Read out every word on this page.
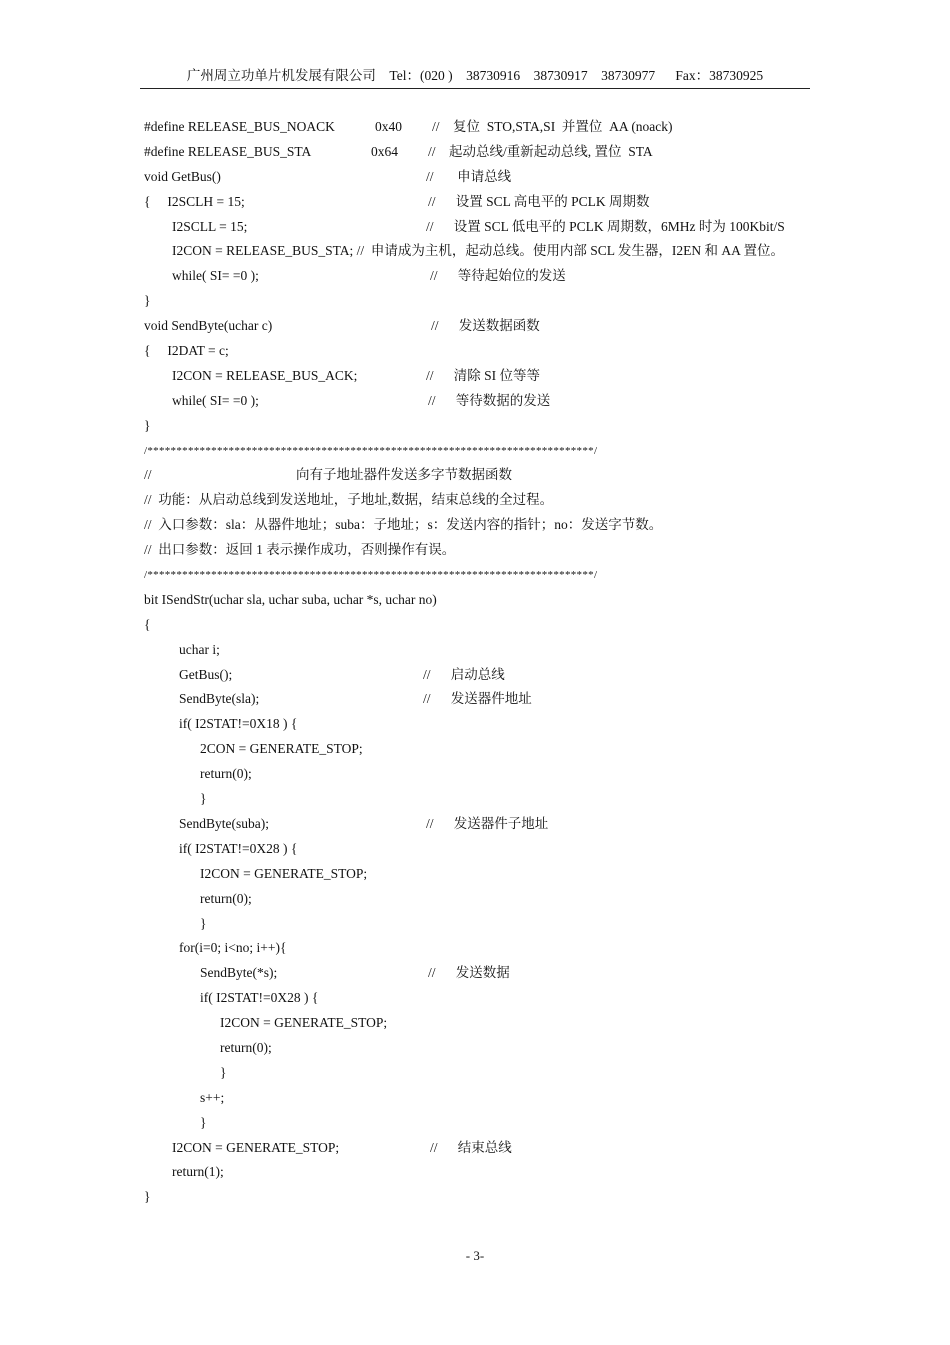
广州周立功单片机发展有限公司    Tel：(020 )    38730916    38730917    38730977      Fax：38730925
#define RELEASE_BUS_NOACK	0x40 //    复位  STO,STA,SI  并置位  AA (noack)
#define RELEASE_BUS_STA	0x64 //    起动总线/重新起动总线, 置位  STA
void GetBus()	//       申请总线
{     I2SCLH = 15;	//      设置 SCL 高电平的 PCLK 周期数
I2SCLL = 15;	//      设置 SCL 低电平的 PCLK 周期数，6MHz 时为 100Kbit/S
I2CON = RELEASE_BUS_STA; //  申请成为主机，起动总线。使用内部 SCL 发生器，I2EN 和 AA 置位。
while( SI= =0 );	//      等待起始位的发送
}
void SendByte(uchar c)	//      发送数据函数
{     I2DAT = c;
I2CON = RELEASE_BUS_ACK;	//      清除 SI 位等等
while( SI= =0 );	//      等待数据的发送
}
/*****************************************************************************/
//	向有子地址器件发送多字节数据函数
//  功能：从启动总线到发送地址，子地址,数据，结束总线的全过程。
//  入口参数：sla：从器件地址；suba：子地址；s：发送内容的指针；no：发送字节数。
//  出口参数：返回 1 表示操作成功，否则操作有误。
/*****************************************************************************/
bit ISendStr(uchar sla, uchar suba, uchar *s, uchar no)
{
uchar i;
GetBus();	//      启动总线
SendByte(sla);	//      发送器件地址
if( I2STAT!=0X18 ) {
2CON = GENERATE_STOP;
return(0);
}
SendByte(suba);	//      发送器件子地址
if( I2STAT!=0X28 ) {
I2CON = GENERATE_STOP;
return(0);
}
for(i=0; i<no; i++){
SendByte(*s);	//      发送数据
if( I2STAT!=0X28 ) {
I2CON = GENERATE_STOP;
return(0);
}
s++;
}
I2CON = GENERATE_STOP;	//      结束总线
return(1);
}
- 3-
